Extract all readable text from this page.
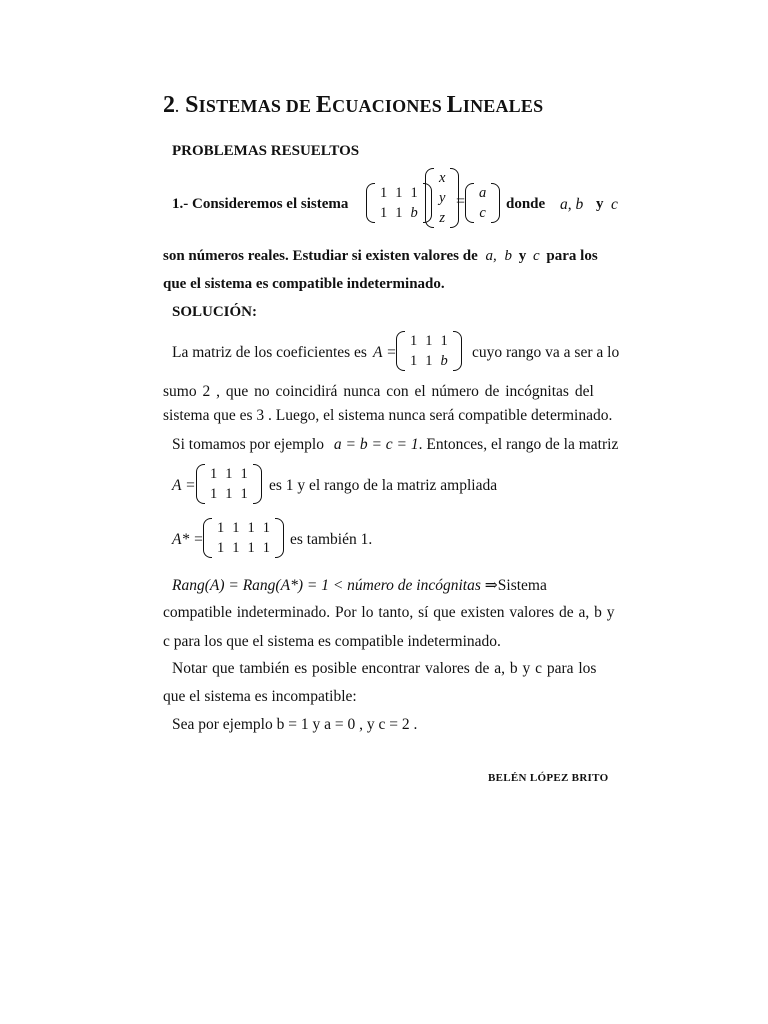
2. SISTEMAS DE ECUACIONES LINEALES
PROBLEMAS RESUELTOS
1.- Consideremos el sistema
1	1	1
1	1	b
x
y
z
= a
c
donde a, b y c
son números reales. Estudiar si existen valores de a, b y c para los
que el sistema es compatible indeterminado.
SOLUCIÓN:
La matriz de los coeficientes es A =
1	1	1
1	1	b cuyo rango va a ser a lo
sumo 2 , que no coincidirá nunca con el número de incógnitas del
sistema que es 3 . Luego, el sistema nunca será compatible determinado.
Si tomamos por ejemplo a = b = c = 1. Entonces, el rango de la matriz
A =
1	1	1
1	1	1 es 1 y el rango de la matriz ampliada
A* =
1	1	1	1
1	1	1	1 es también 1.
Rang(A) = Rang(A*) = 1 < número de incógnitas ⇒Sistema
compatible indeterminado. Por lo tanto, sí que existen valores de a, b y
c para los que el sistema es compatible indeterminado.
Notar que también es posible encontrar valores de a, b y c para los
que el sistema es incompatible:
Sea por ejemplo b = 1 y a = 0 , y c = 2 .
BELÉN LÓPEZ BRITO
